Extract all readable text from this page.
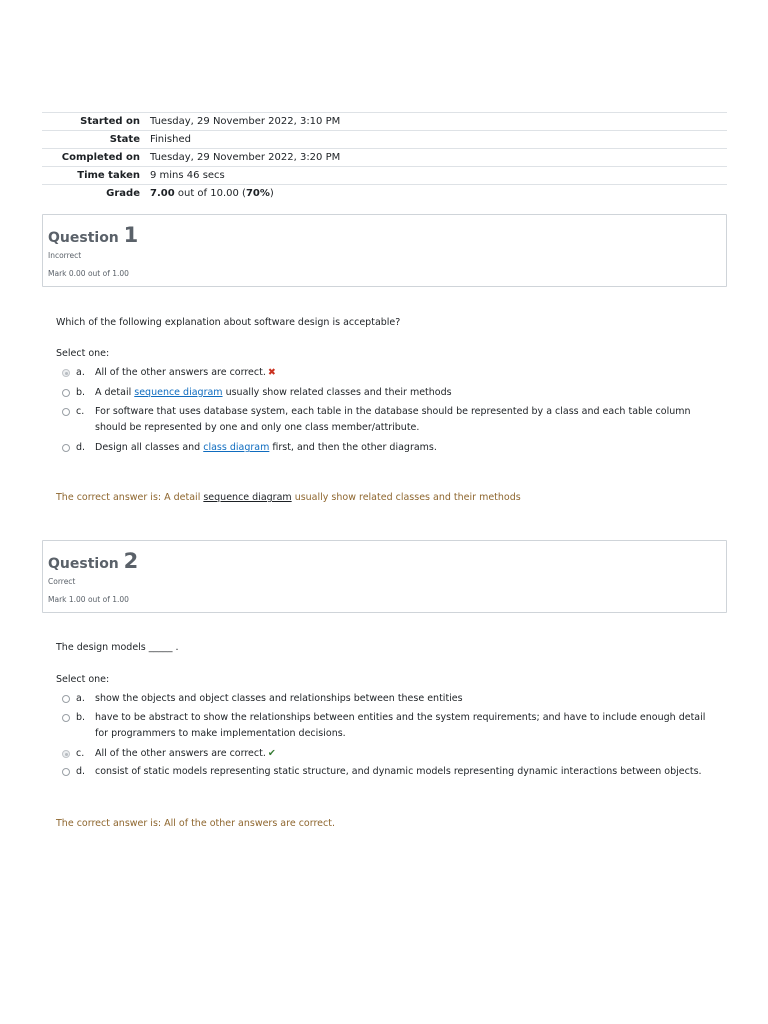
Started on	Tuesday, 29 November 2022, 3:10 PM
State	Finished
Completed on	Tuesday, 29 November 2022, 3:20 PM
Time taken	9 mins 46 secs
Grade	7.00 out of 10.00 (70%)
Question 1
Incorrect
Mark 0.00 out of 1.00
Which of the following explanation about software design is acceptable?
Select one:
a. All of the other answers are correct. ✖
b. A detail sequence diagram usually show related classes and their methods
c. For software that uses database system, each table in the database should be represented by a class and each table column should be represented by one and only one class member/attribute.
d. Design all classes and class diagram first, and then the other diagrams.
The correct answer is: A detail sequence diagram usually show related classes and their methods
Question 2
Correct
Mark 1.00 out of 1.00
The design models _____ .
Select one:
a. show the objects and object classes and relationships between these entities
b. have to be abstract to show the relationships between entities and the system requirements; and have to include enough detail for programmers to make implementation decisions.
c. All of the other answers are correct. ✔
d. consist of static models representing static structure, and dynamic models representing dynamic interactions between objects.
The correct answer is: All of the other answers are correct.
